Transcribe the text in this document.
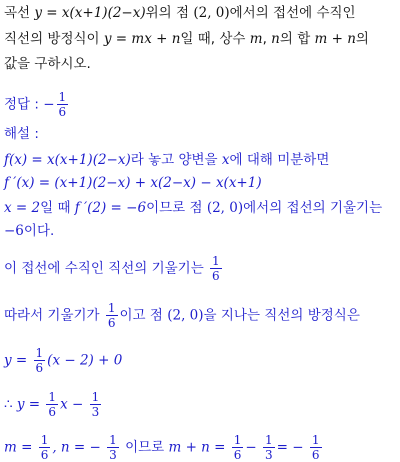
곡선 y = x(x+1)(2−x)위의 점 (2, 0)에서의 접선에 수직인
직선의 방정식이 y = mx + n일 때, 상수 m, n의 합 m + n의
값을 구하시오.
정답 : − $\frac{1}{6}$
해설 :
f(x) = x(x+1)(2−x)라 놓고 양변을 x에 대해 미분하면
f ′(x) = (x+1)(2−x) + x(2−x) − x(x+1)
x = 2일 때 f ′(2) = −6이므로 점 (2, 0)에서의 접선의 기울기는
−6이다.
이 접선에 수직인 직선의 기울기는 $\frac{1}{6}$
따라서 기울기가 $\frac{1}{6}$ 이고 점 (2, 0)을 지나는 직선의 방정식은
$y = \frac{1}{6} (x - 2) + 0$
∴ $y = \frac{1}{6}$ $x - \frac{1}{3}$
$m = \frac{1}{6}$ , n = − $\frac{1}{3}$ 이므로 $m + n = \frac{1}{6} - \frac{1}{3}$ = − $\frac{1}{6}$
